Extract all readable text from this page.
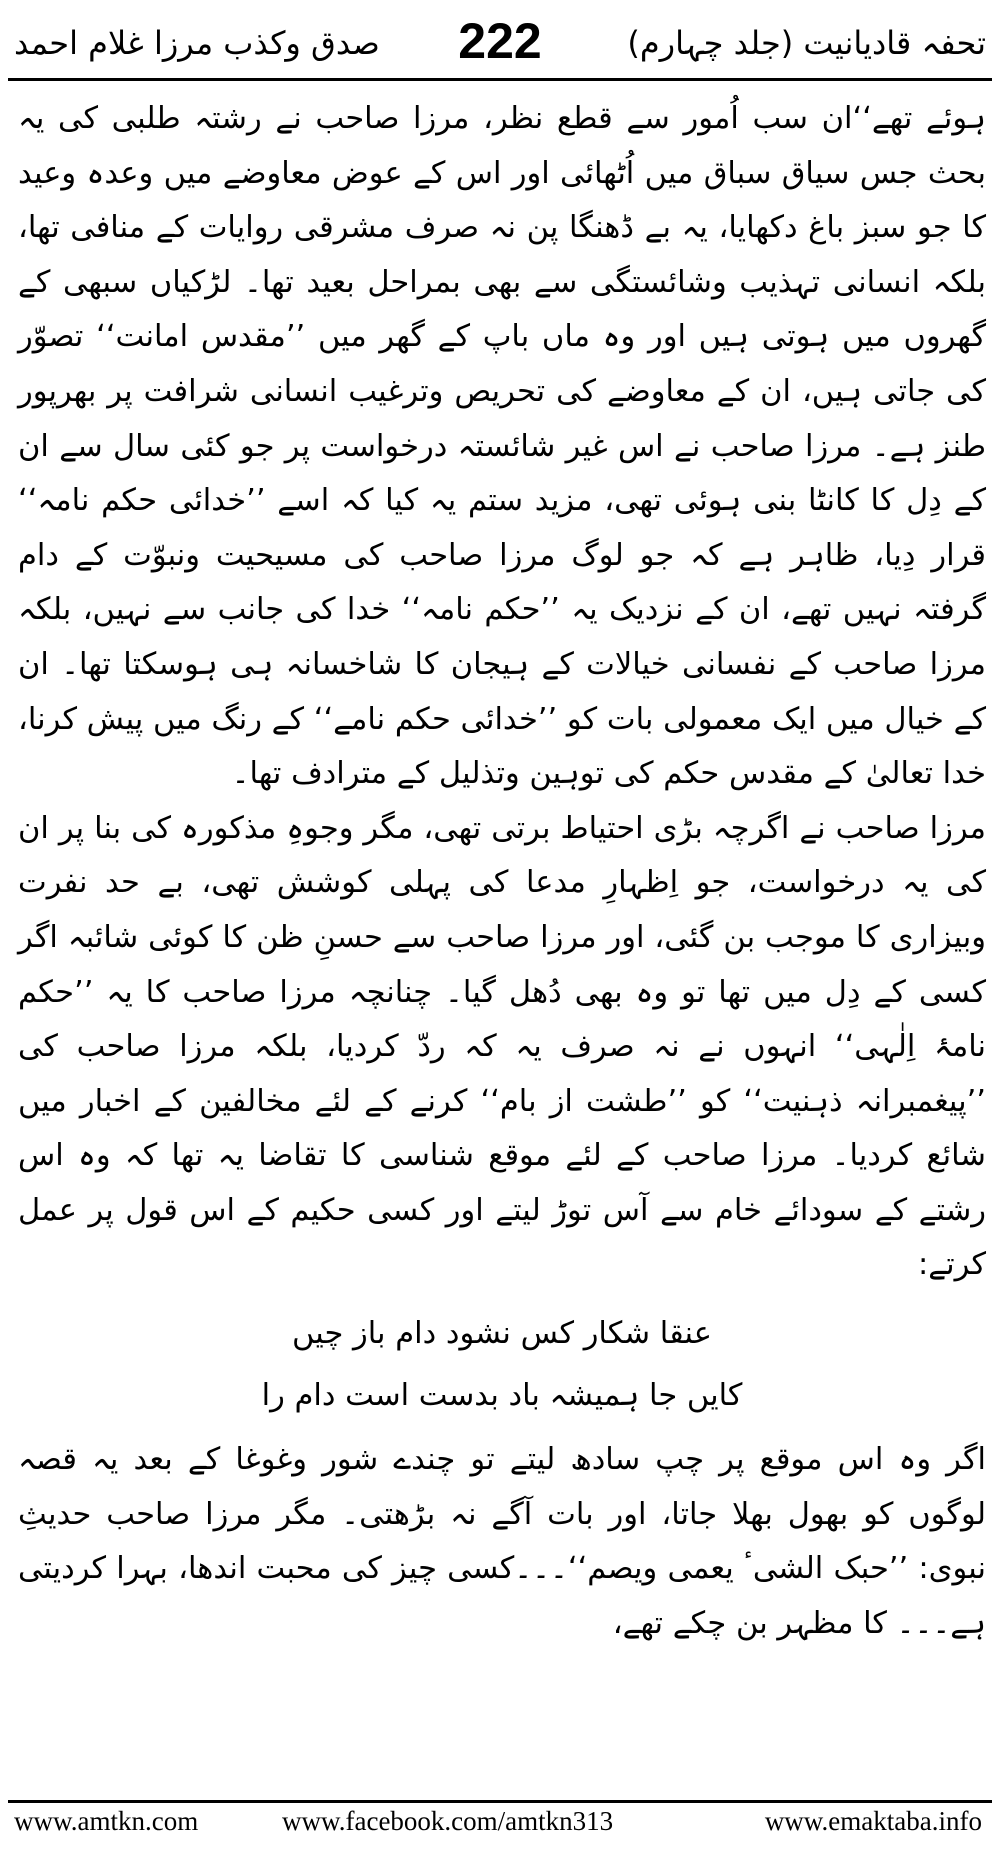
تحفہ قادیانیت (جلد چہارم)
222
صدق وکذب مرزا غلام احمد

ہوئے تھے‘‘ان سب اُمور سے قطع نظر، مرزا صاحب نے رشتہ طلبی کی یہ بحث جس سیاق سباق میں اُٹھائی اور اس کے عوض معاوضے میں وعدہ وعید کا جو سبز باغ دکھایا، یہ بے ڈھنگا پن نہ صرف مشرقی روایات کے منافی تھا، بلکہ انسانی تہذیب وشائستگی سے بھی بمراحل بعید تھا۔ لڑکیاں سبھی کے گھروں میں ہوتی ہیں اور وہ ماں باپ کے گھر میں ’’مقدس امانت‘‘ تصوّر کی جاتی ہیں، ان کے معاوضے کی تحریص وترغیب انسانی شرافت پر بھرپور طنز ہے۔ مرزا صاحب نے اس غیر شائستہ درخواست پر جو کئی سال سے ان کے دِل کا کانٹا بنی ہوئی تھی، مزید ستم یہ کیا کہ اسے ’’خدائی حکم نامہ‘‘ قرار دِیا، ظاہر ہے کہ جو لوگ مرزا صاحب کی مسیحیت ونبوّت کے دام گرفتہ نہیں تھے، ان کے نزدیک یہ ’’حکم نامہ‘‘ خدا کی جانب سے نہیں، بلکہ مرزا صاحب کے نفسانی خیالات کے ہیجان کا شاخسانہ ہی ہوسکتا تھا۔ ان کے خیال میں ایک معمولی بات کو ’’خدائی حکم نامے‘‘ کے رنگ میں پیش کرنا، خدا تعالیٰ کے مقدس حکم کی توہین وتذلیل کے مترادف تھا۔

مرزا صاحب نے اگرچہ بڑی احتیاط برتی تھی، مگر وجوہِ مذکورہ کی بنا پر ان کی یہ درخواست، جو اِظہارِ مدعا کی پہلی کوشش تھی، بے حد نفرت وبیزاری کا موجب بن گئی، اور مرزا صاحب سے حسنِ ظن کا کوئی شائبہ اگر کسی کے دِل میں تھا تو وہ بھی دُھل گیا۔ چنانچہ مرزا صاحب کا یہ ’’حکم نامۂ اِلٰہی‘‘ انہوں نے نہ صرف یہ کہ ردّ کردیا، بلکہ مرزا صاحب کی ’’پیغمبرانہ ذہنیت‘‘ کو ’’طشت از بام‘‘ کرنے کے لئے مخالفین کے اخبار میں شائع کردیا۔ مرزا صاحب کے لئے موقع شناسی کا تقاضا یہ تھا کہ وہ اس رشتے کے سودائے خام سے آس توڑ لیتے اور کسی حکیم کے اس قول پر عمل کرتے:

عنقا شکار کس نشود دام باز چیں
کایں جا ہمیشہ باد بدست است دام را

اگر وہ اس موقع پر چپ سادھ لیتے تو چندے شور وغوغا کے بعد یہ قصہ لوگوں کو بھول بھلا جاتا، اور بات آگے نہ بڑھتی۔ مگر مرزا صاحب حدیثِ نبوی: ’’حبک الشیٴ یعمی ویصم‘‘۔۔۔کسی چیز کی محبت اندھا، بہرا کردیتی ہے۔۔۔ کا مظہر بن چکے تھے،

www.amtkn.com	www.facebook.com/amtkn313	www.emaktaba.info
